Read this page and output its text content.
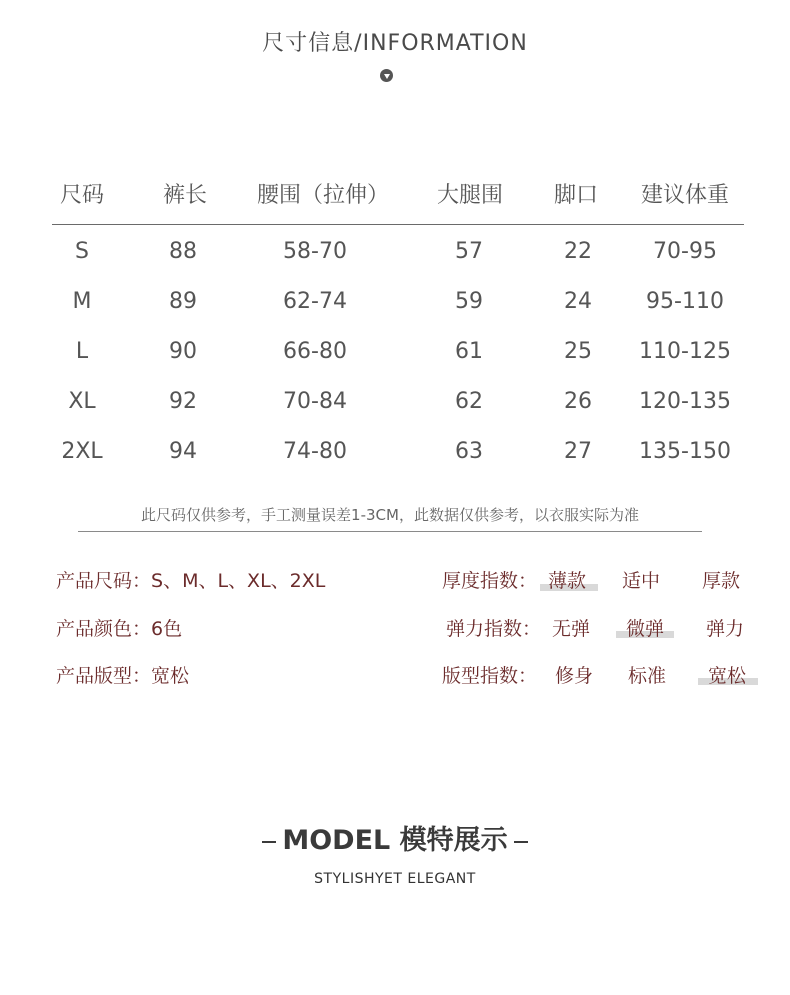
尺寸信息/INFORMATION
尺码	裤长	腰围（拉伸）	大腿围	脚口	建议体重
S	88	58-70	57	22	70-95
M	89	62-74	59	24	95-110
L	90	66-80	61	25	110-125
XL	92	70-84	62	26	120-135
2XL	94	74-80	63	27	135-150
此尺码仅供参考，手工测量误差1-3CM，此数据仅供参考，以衣服实际为准
产品尺码：S、M、L、XL、2XL
产品颜色：6色
产品版型：宽松
厚度指数： 薄款 适中 厚款
弹力指数： 无弹 微弹 弹力
版型指数： 修身 标准 宽松
MODEL 模特展示
STYLISHYET ELEGANT
